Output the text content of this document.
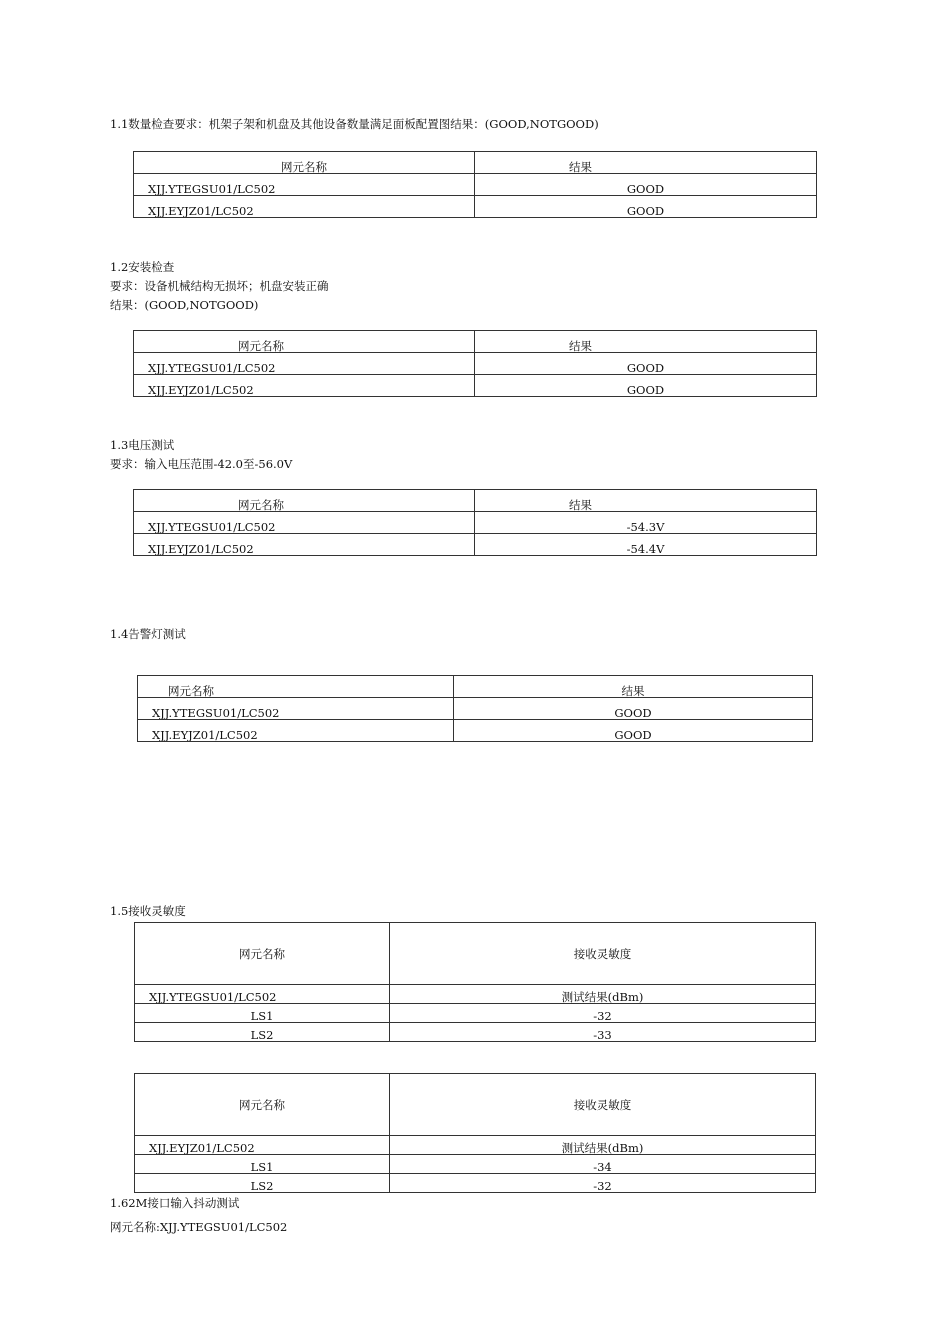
1.1数量检查要求：机架子架和机盘及其他设备数量满足面板配置图结果：(GOOD,NOTGOOD)
网元名称	结果
XJJ.YTEGSU01/LC502	GOOD
XJJ.EYJZ01/LC502	GOOD
1.2安装检查
要求：设备机械结构无损坏；机盘安装正确
结果：(GOOD,NOTGOOD)
网元名称	结果
XJJ.YTEGSU01/LC502	GOOD
XJJ.EYJZ01/LC502	GOOD
1.3电压测试
要求：输入电压范围-42.0至-56.0V
网元名称	结果
XJJ.YTEGSU01/LC502	-54.3V
XJJ.EYJZ01/LC502	-54.4V
1.4告警灯测试
网元名称	结果
XJJ.YTEGSU01/LC502	GOOD
XJJ.EYJZ01/LC502	GOOD
1.5接收灵敏度
网元名称	接收灵敏度
XJJ.YTEGSU01/LC502	测试结果(dBm)
LS1	-32
LS2	-33
网元名称	接收灵敏度
XJJ.EYJZ01/LC502	测试结果(dBm)
LS1	-34
LS2	-32
1.62M接口输入抖动测试
网元名称:XJJ.YTEGSU01/LC502
